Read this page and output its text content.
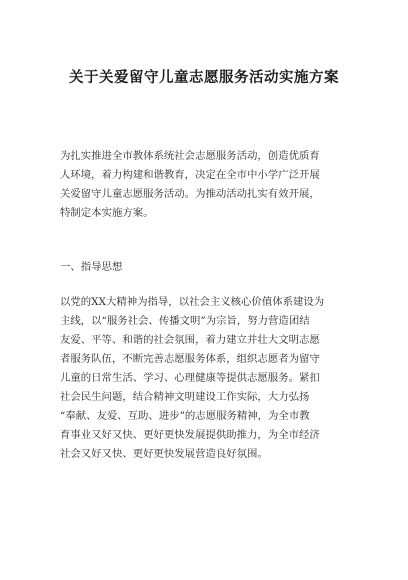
关于关爱留守儿童志愿服务活动实施方案
为扎实推进全市教体系统社会志愿服务活动，创造优质育
人环境，着力构建和谐教育，决定在全市中小学广泛开展
关爱留守儿童志愿服务活动。为推动活动扎实有效开展，
特制定本实施方案。
一、指导思想
以党的XX大精神为指导，以社会主义核心价值体系建设为
主线，以“服务社会、传播文明”为宗旨，努力营造团结
友爱、平等、和谐的社会氛围，着力建立并壮大文明志愿
者服务队伍，不断完善志愿服务体系，组织志愿者为留守
儿童的日常生活、学习、心理健康等提供志愿服务。紧扣
社会民生问题，结合精神文明建设工作实际，大力弘扬
“奉献、友爱、互助、进步”的志愿服务精神，为全市教
育事业又好又快、更好更快发展提供助推力，为全市经济
社会又好又快、更好更快发展营造良好氛围。
